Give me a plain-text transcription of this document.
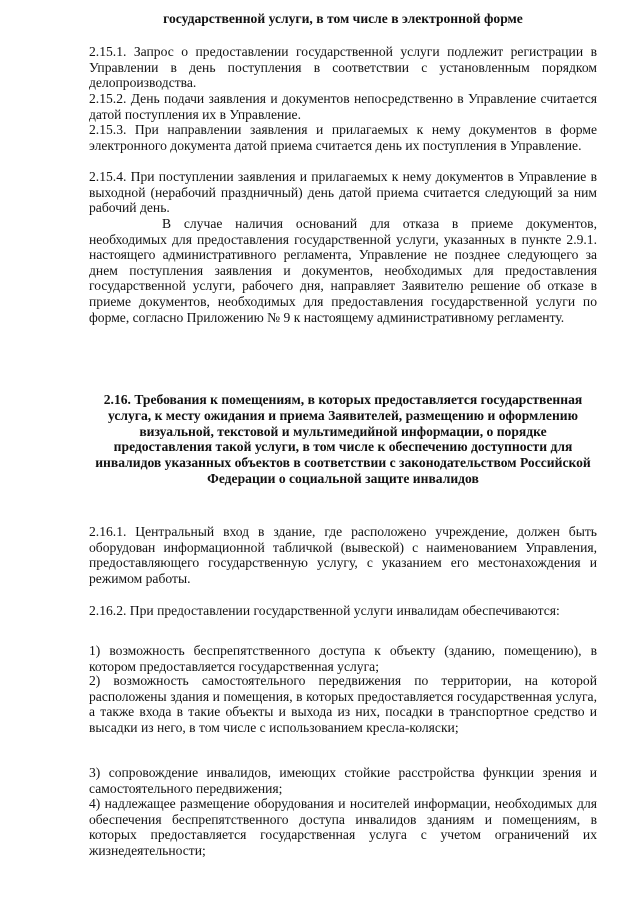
государственной услуги, в том числе в электронной форме
2.15.1. Запрос о предоставлении государственной услуги подлежит регистрации в Управлении в день поступления в соответствии с установленным порядком делопроизводства.
2.15.2. День подачи заявления и документов непосредственно в Управление считается датой поступления их в Управление.
2.15.3. При направлении заявления и прилагаемых к нему документов в форме электронного документа датой приема считается день их поступления в Управление.
2.15.4. При поступлении заявления и прилагаемых к нему документов в Управление в выходной (нерабочий праздничный) день датой приема считается следующий за ним рабочий день.
В случае наличия оснований для отказа в приеме документов, необходимых для предоставления государственной услуги, указанных в пункте 2.9.1. настоящего административного регламента, Управление не позднее следующего за днем поступления заявления и документов, необходимых для предоставления государственной услуги, рабочего дня, направляет Заявителю решение об отказе в приеме документов, необходимых для предоставления государственной услуги по форме, согласно Приложению № 9 к настоящему административному регламенту.
2.16. Требования к помещениям, в которых предоставляется государственная услуга, к месту ожидания и приема Заявителей, размещению и оформлению визуальной, текстовой и мультимедийной информации, о порядке предоставления такой услуги, в том числе к обеспечению доступности для инвалидов указанных объектов в соответствии с законодательством Российской Федерации о социальной защите инвалидов
2.16.1. Центральный вход в здание, где расположено учреждение, должен быть оборудован информационной табличкой (вывеской) с наименованием Управления, предоставляющего государственную услугу, с указанием его местонахождения и режимом работы.
2.16.2. При предоставлении государственной услуги инвалидам обеспечиваются:
1) возможность беспрепятственного доступа к объекту (зданию, помещению), в котором предоставляется государственная услуга;
2) возможность самостоятельного передвижения по территории, на которой расположены здания и помещения, в которых предоставляется государственная услуга, а также входа в такие объекты и выхода из них, посадки в транспортное средство и высадки из него, в том числе с использованием кресла-коляски;
3) сопровождение инвалидов, имеющих стойкие расстройства функции зрения и самостоятельного передвижения;
4) надлежащее размещение оборудования и носителей информации, необходимых для обеспечения беспрепятственного доступа инвалидов зданиям и помещениям, в которых предоставляется государственная услуга с учетом ограничений их жизнедеятельности;
